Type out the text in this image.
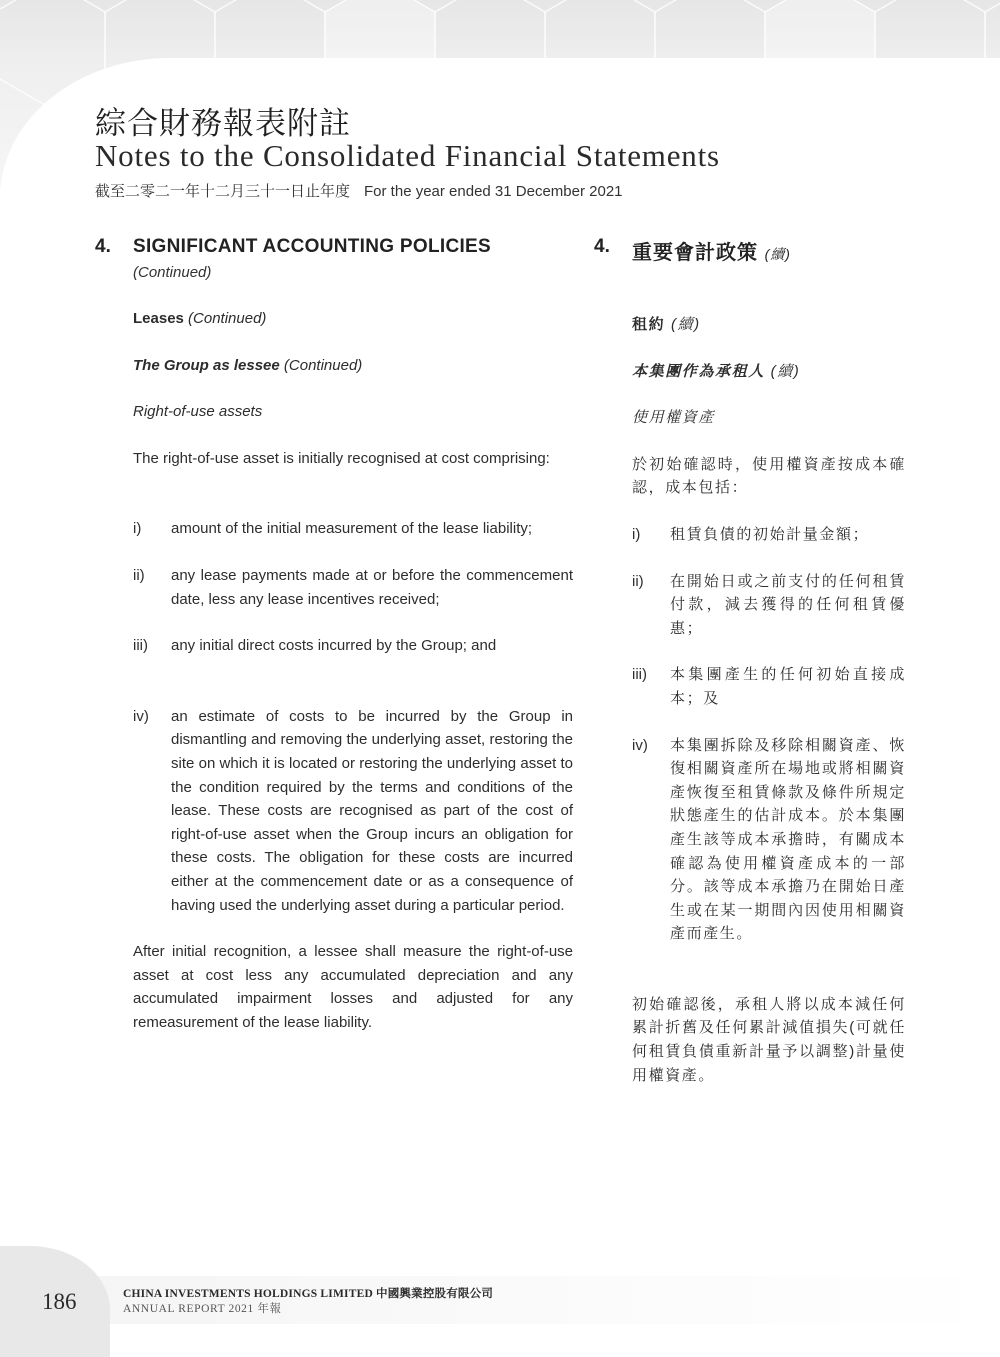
綜合財務報表附註
Notes to the Consolidated Financial Statements
截至二零二一年十二月三十一日止年度 For the year ended 31 December 2021
4. SIGNIFICANT ACCOUNTING POLICIES
(Continued)

Leases (Continued)

The Group as lessee (Continued)

Right-of-use assets

The right-of-use asset is initially recognised at cost comprising:

i) amount of the initial measurement of the lease liability;

ii) any lease payments made at or before the commencement date, less any lease incentives received;

iii) any initial direct costs incurred by the Group; and

iv) an estimate of costs to be incurred by the Group in dismantling and removing the underlying asset, restoring the site on which it is located or restoring the underlying asset to the condition required by the terms and conditions of the lease. These costs are recognised as part of the cost of right-of-use asset when the Group incurs an obligation for these costs. The obligation for these costs are incurred either at the commencement date or as a consequence of having used the underlying asset during a particular period.

After initial recognition, a lessee shall measure the right-of-use asset at cost less any accumulated depreciation and any accumulated impairment losses and adjusted for any remeasurement of the lease liability.

4. 重要會計政策 (續)

租約 (續)

本集團作為承租人 (續)

使用權資產

於初始確認時，使用權資產按成本確認，成本包括：

i) 租賃負債的初始計量金額；

ii) 在開始日或之前支付的任何租賃付款，減去獲得的任何租賃優惠；

iii) 本集團產生的任何初始直接成本；及

iv) 本集團拆除及移除相關資產、恢復相關資產所在場地或將相關資產恢復至租賃條款及條件所規定狀態產生的估計成本。於本集團產生該等成本承擔時，有關成本確認為使用權資產成本的一部分。該等成本承擔乃在開始日產生或在某一期間內因使用相關資產而產生。

初始確認後，承租人將以成本減任何累計折舊及任何累計減值損失(可就任何租賃負債重新計量予以調整)計量使用權資產。

186	CHINA INVESTMENTS HOLDINGS LIMITED 中國興業控股有限公司
ANNUAL REPORT 2021 年報
